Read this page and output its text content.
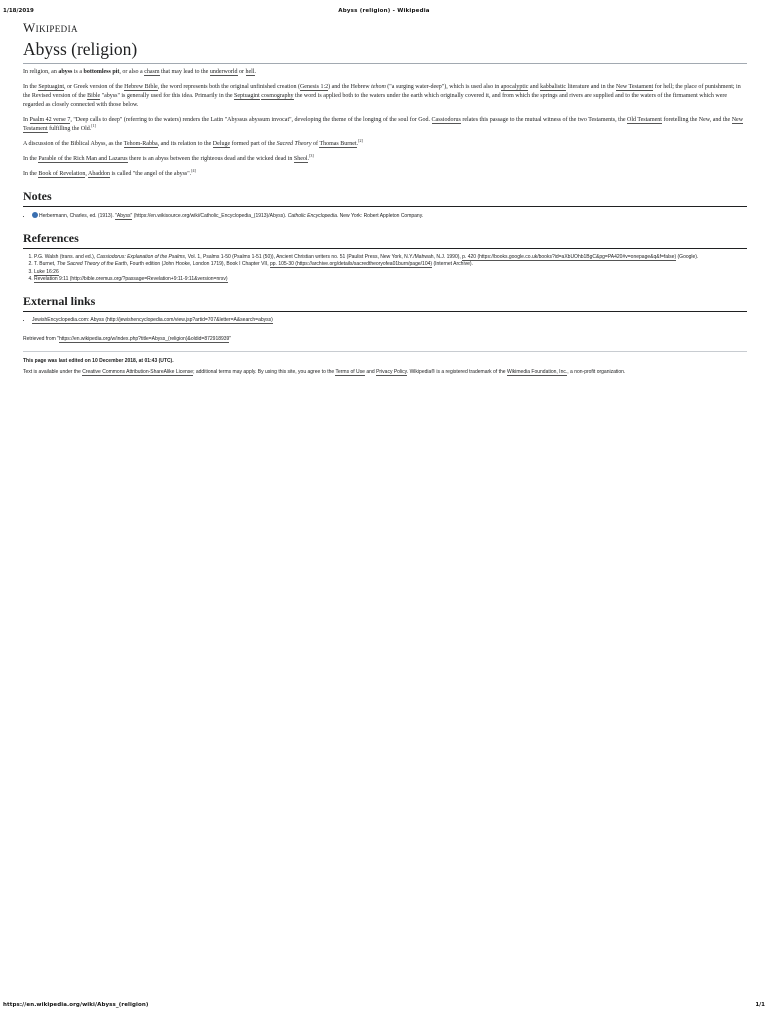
1/18/2019	Abyss (religion) - Wikipedia
Wikipedia
Abyss (religion)

In religion, an abyss is a bottomless pit, or also a chasm that may lead to the underworld or hell.

In the Septuagint, or Greek version of the Hebrew Bible, the word represents both the original unfinished creation (Genesis 1:2) and the Hebrew tehom ("a surging water-deep"), which is used also in apocalyptic and kabbalistic literature and in the New Testament for hell; the place of punishment; in the Revised version of the Bible "abyss" is generally used for this idea. Primarily in the Septuagint cosmography the word is applied both to the waters under the earth which originally covered it, and from which the springs and rivers are supplied and to the waters of the firmament which were regarded as closely connected with those below.

In Psalm 42 verse 7, "Deep calls to deep" (referring to the waters) renders the Latin "Abyssus abyssum invocat", developing the theme of the longing of the soul for God. Cassiodorus relates this passage to the mutual witness of the two Testaments, the Old Testament foretelling the New, and the New Testament fulfilling the Old.[1]

A discussion of the Biblical Abyss, as the Tehom-Rabba, and its relation to the Deluge formed part of the Sacred Theory of Thomas Burnet.[2]

In the Parable of the Rich Man and Lazarus there is an abyss between the righteous dead and the wicked dead in Sheol.[3]

In the Book of Revelation, Abaddon is called "the angel of the abyss".[4]

Notes
• Herbermann, Charles, ed. (1913). "Abyss" (https://en.wikisource.org/wiki/Catholic_Encyclopedia_(1913)/Abyss). Catholic Encyclopedia. New York: Robert Appleton Company.
References
1. P.G. Walsh (trans. and ed.), Cassiodorus: Explanation of the Psalms, Vol. 1, Psalms 1-50 (Psalms 1-51 (50)), Ancient Christian writers no. 51 (Paulist Press, New York, N.Y./Mahwah, N.J. 1990), p. 420 (https://books.google.co.uk/books?id=aXbUOhb1BgC&pg=PA420#v=onepage&q&f=false) (Google).
2. T. Burnet, The Sacred Theory of the Earth, Fourth edition (John Hooke, London 1719), Book I Chapter VII, pp. 105-30 (https://archive.org/details/sacredtheoryofea01burn/page/104) (Internet Archive).
3. Luke 16:26
4. Revelation 9:11 (http://bible.oremus.org/?passage=Revelation+9:11-9:11&version=nrsv)
External links
• JewishEncyclopedia.com: Abyss (http://jewishencyclopedia.com/view.jsp?artid=707&letter=A&search=abyss)
Retrieved from "https://en.wikipedia.org/w/index.php?title=Abyss_(religion)&oldid=872918939"
This page was last edited on 10 December 2018, at 01:43 (UTC).
Text is available under the Creative Commons Attribution-ShareAlike License; additional terms may apply. By using this site, you agree to the Terms of Use and Privacy Policy. Wikipedia® is a registered trademark of the Wikimedia Foundation, Inc., a non-profit organization.
https://en.wikipedia.org/wiki/Abyss_(religion)	1/1
